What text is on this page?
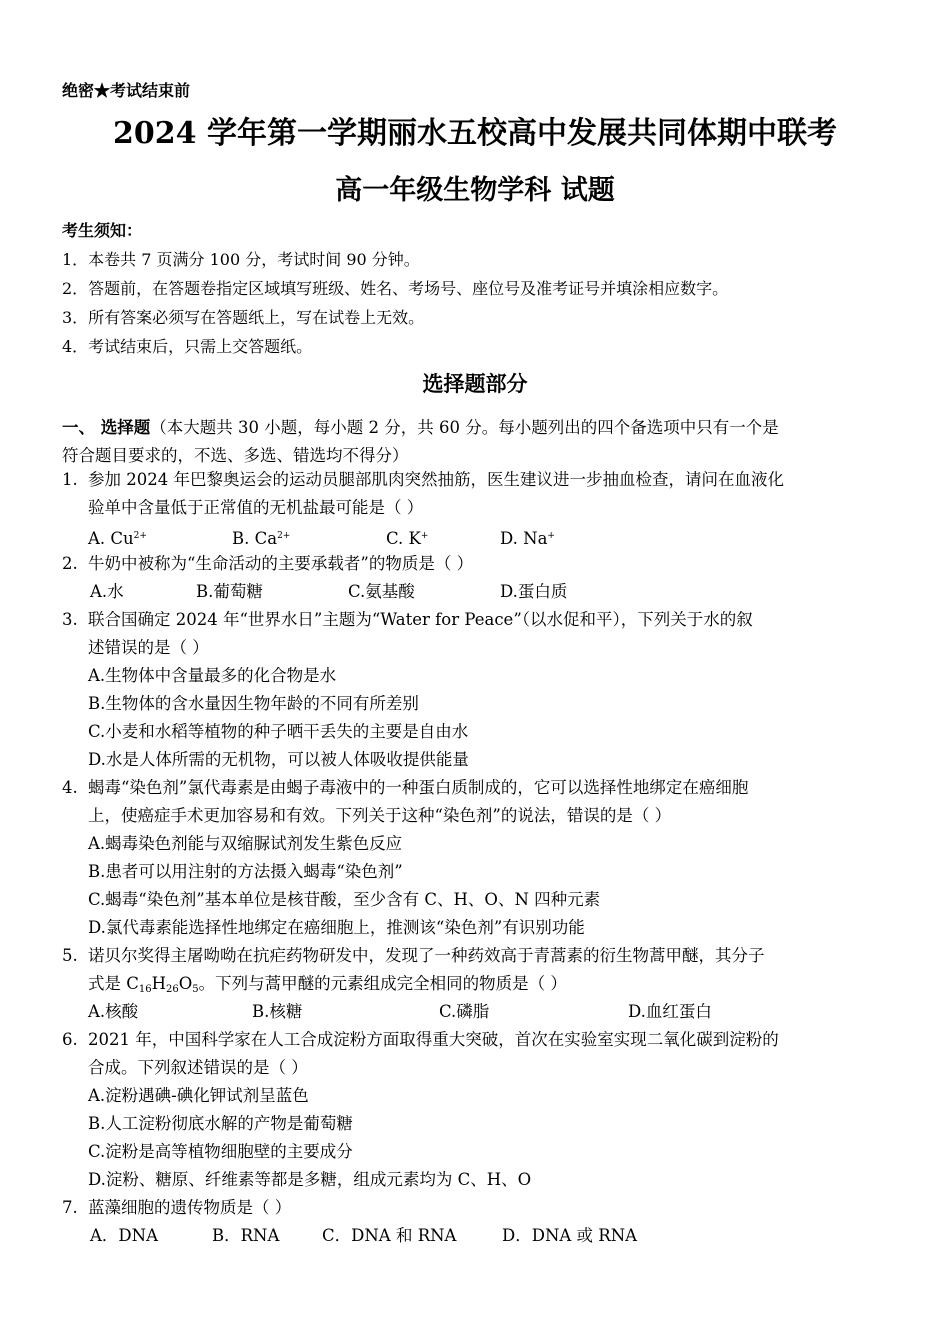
绝密★考试结束前
2024 学年第一学期丽水五校高中发展共同体期中联考
高一年级生物学科 试题
考生须知：
1．本卷共 7 页满分 100 分，考试时间 90 分钟。
2．答题前，在答题卷指定区域填写班级、姓名、考场号、座位号及准考证号并填涂相应数字。
3．所有答案必须写在答题纸上，写在试卷上无效。
4．考试结束后，只需上交答题纸。
选择题部分
一、 选择题（本大题共 30 小题，每小题 2 分，共 60 分。每小题列出的四个备选项中只有一个是
符合题目要求的，不选、多选、错选均不得分）
1. 参加 2024 年巴黎奥运会的运动员腿部肌肉突然抽筋，医生建议进一步抽血检查，请问在血液化
验单中含量低于正常值的无机盐最可能是（ ）
A. $Cu^{2+}$	B. $Ca^{2+}$	C. K+	D. Na+
2. 牛奶中被称为“生命活动的主要承载者”的物质是（ ）
A.水	B.葡萄糖	C.氨基酸	D.蛋白质
3. 联合国确定 2024 年“世界水日”主题为“Water for Peace”（以水促和平），下列关于水的叙
述错误的是（ ）
A.生物体中含量最多的化合物是水
B.生物体的含水量因生物年龄的不同有所差别
C.小麦和水稻等植物的种子晒干丢失的主要是自由水
D.水是人体所需的无机物，可以被人体吸收提供能量
4. 蝎毒“染色剂”氯代毒素是由蝎子毒液中的一种蛋白质制成的，它可以选择性地绑定在癌细胞
上，使癌症手术更加容易和有效。下列关于这种“染色剂”的说法，错误的是（ ）
A.蝎毒染色剂能与双缩脲试剂发生紫色反应
B.患者可以用注射的方法摄入蝎毒“染色剂”
C.蝎毒“染色剂”基本单位是核苷酸，至少含有 C、H、O、N 四种元素
D.氯代毒素能选择性地绑定在癌细胞上，推测该“染色剂”有识别功能
5. 诺贝尔奖得主屠呦呦在抗疟药物研发中，发现了一种药效高于青蒿素的衍生物蒿甲醚，其分子
式是 $C_{16}H_{26}O_5$。下列与蒿甲醚的元素组成完全相同的物质是（ ）
A.核酸	B.核糖	C.磷脂	D.血红蛋白
6. 2021 年，中国科学家在人工合成淀粉方面取得重大突破，首次在实验室实现二氧化碳到淀粉的
合成。下列叙述错误的是（ ）
A.淀粉遇碘-碘化钾试剂呈蓝色
B.人工淀粉彻底水解的产物是葡萄糖
C.淀粉是高等植物细胞壁的主要成分
D.淀粉、糖原、纤维素等都是多糖，组成元素均为 C、H、O
7. 蓝藻细胞的遗传物质是（ ）
A．DNA	B．RNA	C．DNA 和 RNA	D．DNA 或 RNA
